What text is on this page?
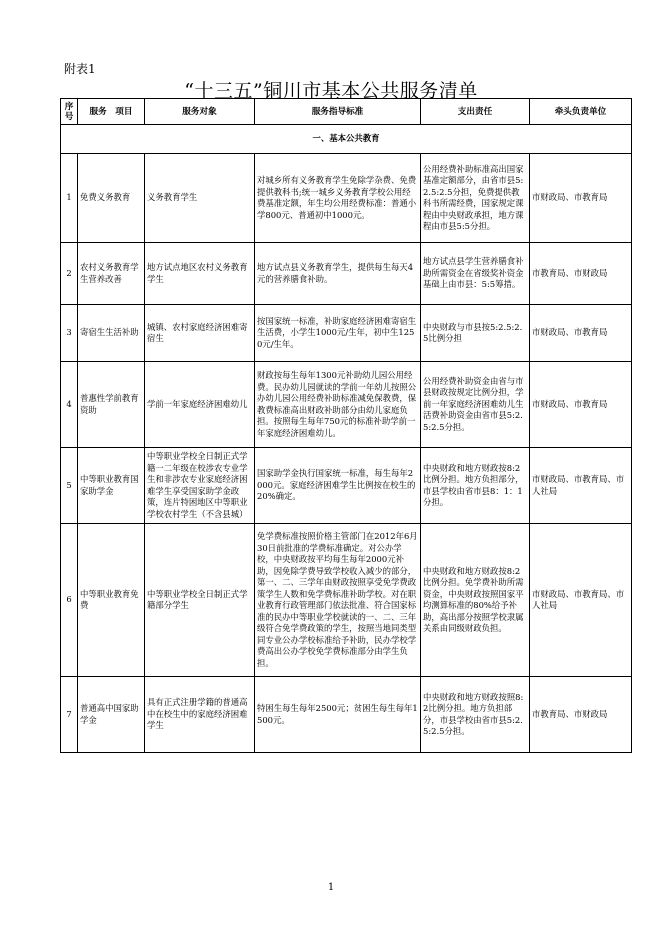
附表1
“十三五”铜川市基本公共服务清单
序号	服务　项目	服务对象	服务指导标准	支出责任	牵头负责单位
一、基本公共教育					
1	免费义务教育	义务教育学生	对城乡所有义务教育学生免除学杂费、免费提供教科书;统一城乡义务教育学校公用经费基准定额，年生均公用经费标准：普通小学800元、普通初中1000元。	公用经费补助标准高出国家基准定额部分，由省市县5:2.5:2.5分担，免费提供教科书所需经费，国家规定课程由中央财政承担，地方课程由市县5:5分担。	市财政局、市教育局
2	农村义务教育学生营养改善	地方试点地区农村义务教育学生	地方试点县义务教育学生，提供每生每天4元的营养膳食补助。	地方试点县学生营养膳食补助所需资金在省级奖补资金基础上由市县：5:5筹措。	市教育局、市财政局
3	寄宿生生活补助	城镇、农村家庭经济困难寄宿生	按国家统一标准，补助家庭经济困难寄宿生生活费，小学生1000元/生年，初中生1250元/生年。	中央财政与市县按5:2.5:2.5比例分担	市财政局、市教育局
4	普惠性学前教育资助	学前一年家庭经济困难幼儿	财政按每生每年1300元补助幼儿园公用经费。民办幼儿园就读的学前一年幼儿按照公办幼儿园公用经费补助标准减免保教费，保教费标准高出财政补助部分由幼儿家庭负担。按照每生每年750元的标准补助学前一年家庭经济困难幼儿。	公用经费补助资金由省与市县财政按规定比例分担，学前一年家庭经济困难幼儿生活费补助资金由省市县5:2.5:2.5分担。	市财政局、市教育局
5	中等职业教育国家助学金	中等职业学校全日制正式学籍一二年级在校涉农专业学生和非涉农专业家庭经济困难学生享受国家助学金政策，连片特困地区中等职业学校农村学生（不含县城）	国家助学金执行国家统一标准，每生每年2000元。家庭经济困难学生比例按在校生的20%确定。	中央财政和地方财政按8:2比例分担。地方负担部分，市县学校由省市县8：1：1分担。	市财政局、市教育局、市人社局
6	中等职业教育免费	中等职业学校全日制正式学籍部分学生	免学费标准按照价格主管部门在2012年6月30日前批准的学费标准确定。对公办学校，中央财政按平均每生每年2000元补助，因免除学费导致学校收入减少的部分，第一、二、三学年由财政按照享受免学费政策学生人数和免学费标准补助学校。对在职业教育行政管理部门依法批准、符合国家标准的民办中等职业学校就读的一、二、三年级符合免学费政策的学生，按照当地同类型同专业公办学校标准给予补助，民办学校学费高出公办学校免学费标准部分由学生负担。	中央财政和地方财政按8:2比例分担。免学费补助所需资金，中央财政按照国家平均测算标准的80%给予补助，高出部分按照学校隶属关系由同级财政负担。	市财政局、市教育局、市人社局
7	普通高中国家助学金	具有正式注册学籍的普通高中在校生中的家庭经济困难学生	特困生每生每年2500元；贫困生每生每年1500元。	中央财政和地方财政按照8:2比例分担。地方负担部分，市县学校由省市县5:2.5:2.5分担。	市教育局、市财政局
1
